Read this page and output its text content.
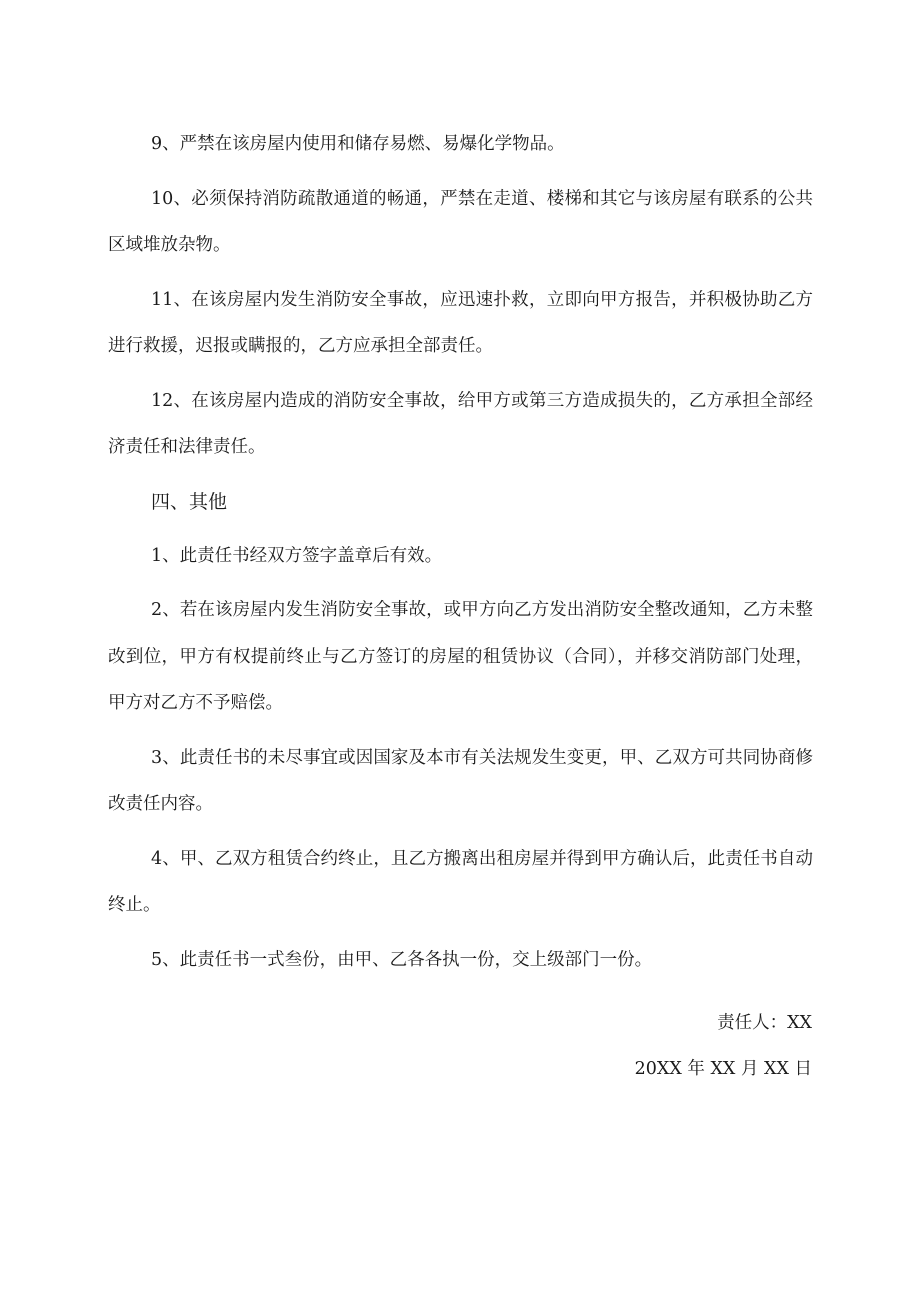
9、严禁在该房屋内使用和储存易燃、易爆化学物品。

10、必须保持消防疏散通道的畅通，严禁在走道、楼梯和其它与该房屋有联系的公共区域堆放杂物。

11、在该房屋内发生消防安全事故，应迅速扑救，立即向甲方报告，并积极协助乙方进行救援，迟报或瞒报的，乙方应承担全部责任。

12、在该房屋内造成的消防安全事故，给甲方或第三方造成损失的，乙方承担全部经济责任和法律责任。

四、其他

1、此责任书经双方签字盖章后有效。

2、若在该房屋内发生消防安全事故，或甲方向乙方发出消防安全整改通知，乙方未整改到位，甲方有权提前终止与乙方签订的房屋的租赁协议（合同），并移交消防部门处理，甲方对乙方不予赔偿。

3、此责任书的未尽事宜或因国家及本市有关法规发生变更，甲、乙双方可共同协商修改责任内容。

4、甲、乙双方租赁合约终止，且乙方搬离出租房屋并得到甲方确认后，此责任书自动终止。

5、此责任书一式叁份，由甲、乙各各执一份，交上级部门一份。

责任人：XX

20XX 年 XX 月 XX 日
